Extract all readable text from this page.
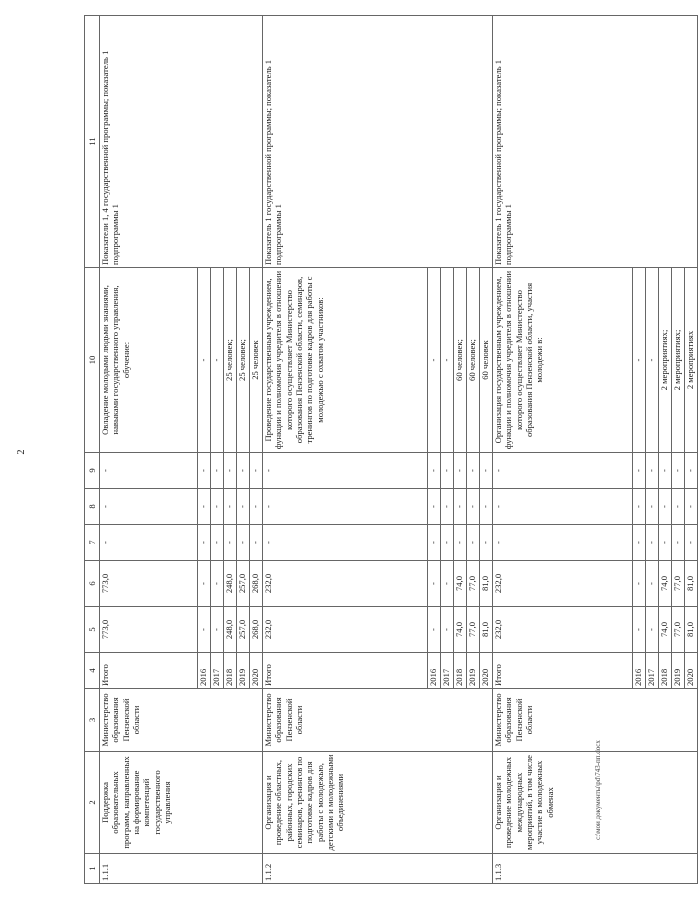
2
c:\мои документы\рd\743-пп.docx
1	2	3	4	5	6	7	8	9	10	11
1.1.1	Поддержка образовательных программ, направленных на формирование компетенций государственного управления	Министерство образования Пензенской области	Итого	773,0	773,0	-	-	-	Овладение молодыми людьми знаниями, навыками государственного управления, обучение:	Показатели 1, 4 государственной программы; показатель 1 подпрограммы 1
			2016	-	-	-	-	-	-	
			2017	-	-	-	-	-	-	
			2018	248,0	248,0	-	-	-	25 человек;	
			2019	257,0	257,0	-	-	-	25 человек;	
			2020	268,0	268,0	-	-	-	25 человек	
1.1.2	Организация и проведение областных, районных, городских семинаров, тренингов по подготовке кадров для работы с молодежью, детскими и молодежными объединениями	Министерство образования Пензенской области	Итого	232,0	232,0	-	-	-	Проведение государственным учреждением, функции и полномочия учредителя в отношении которого осуществляет Министерство образования Пензенской области, семинаров, тренингов по подготовке кадров для работы с молодежью с охватом участников:	Показатель 1 государственной программы; показатель 1 подпрограммы 1
			2016	-	-	-	-	-	-	
			2017	-	-	-	-	-	-	
			2018	74,0	74,0	-	-	-	60 человек;	
			2019	77,0	77,0	-	-	-	60 человек;	
			2020	81,0	81,0	-	-	-	60 человек	
1.1.3	Организация и проведение молодежных международных мероприятий, в том числе участие в молодежных обменах	Министерство образования Пензенской области	Итого	232,0	232,0	-	-	-	Организация государственным учреждением, функции и полномочия учредителя в отношении которого осуществляет Министерство образования Пензенской области, участия молодежи в:	Показатель 1 государственной программы; показатель 1 подпрограммы 1
			2016	-	-	-	-	-	-	
			2017	-	-	-	-	-	-	
			2018	74,0	74,0	-	-	-	2 мероприятиях;	
			2019	77,0	77,0	-	-	-	2 мероприятиях;	
			2020	81,0	81,0	-	-	-	2 мероприятиях	
